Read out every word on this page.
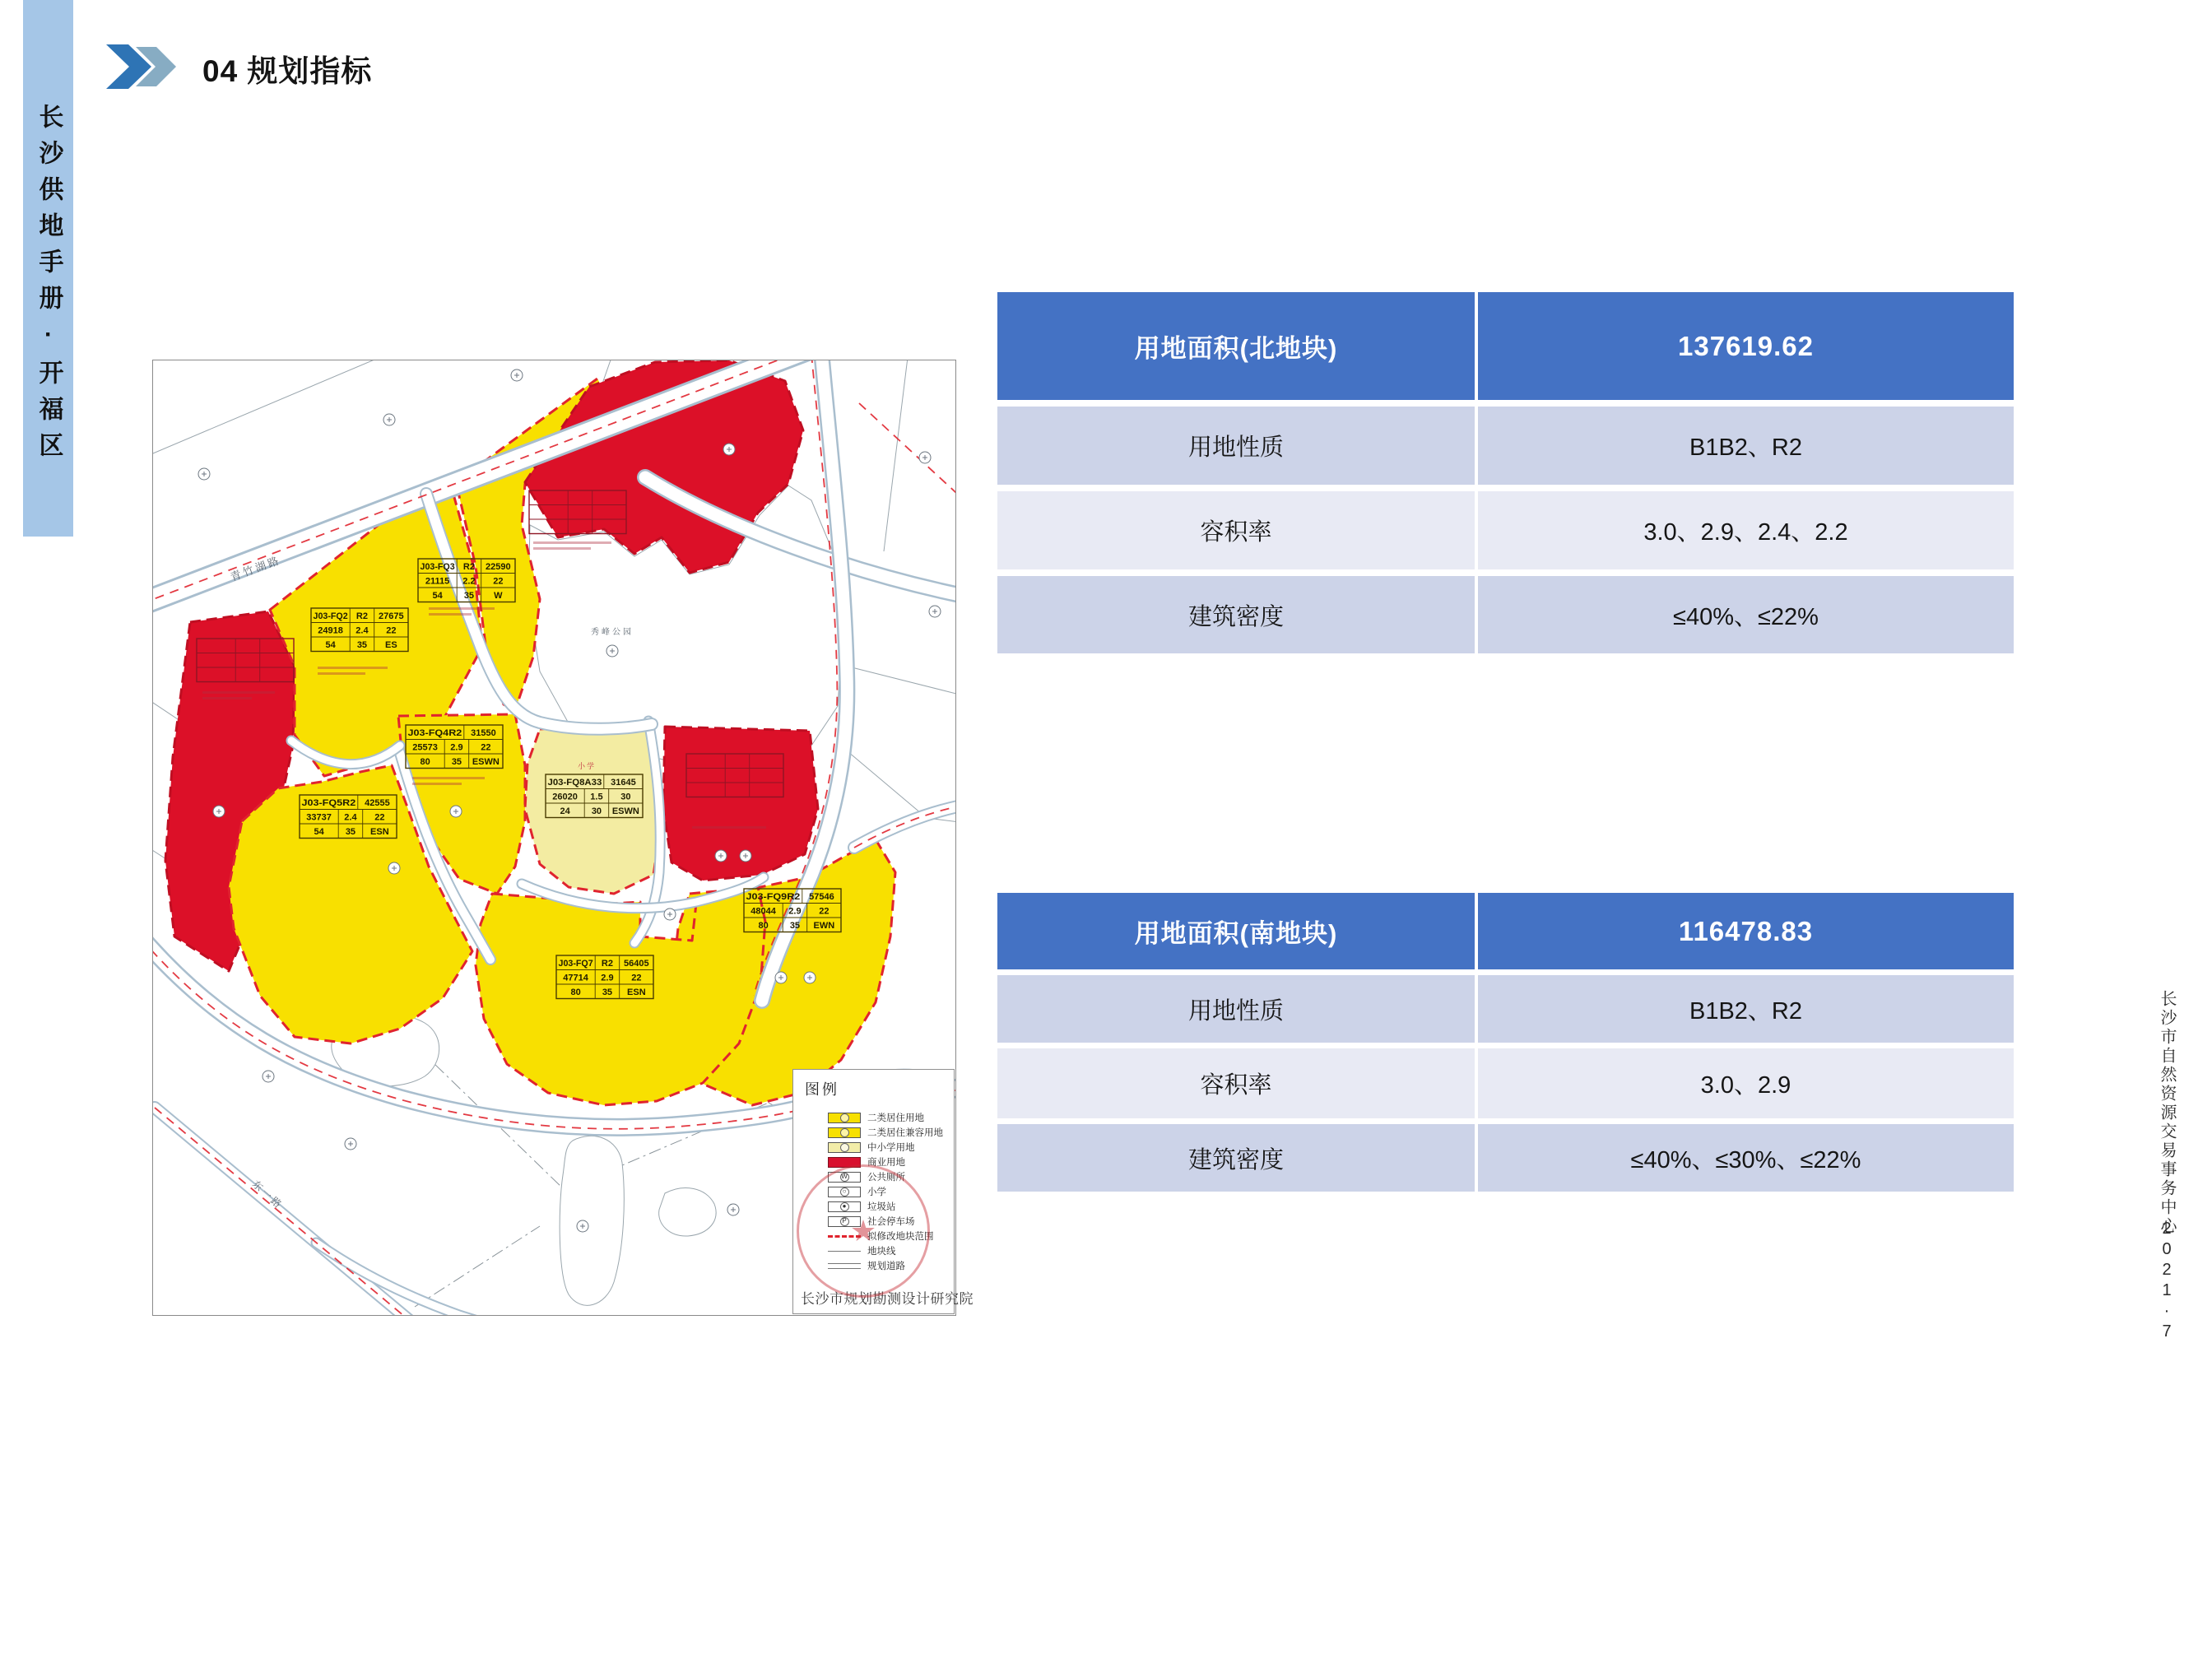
长沙供地手册·开福区
04 规划指标
长沙市自然资源交易事务中心
2021·7
青竹湖路
东一路
秀峰公园
小学
J03-FQ2 R2 27675
24918 2.4 22
54 35 ES
J03-FQ3 R2 22590
21115 2.2 22
54 35 W
J03-FQ4R2 31550
25573 2.9 22
80 35 ESWN
J03-FQ5R2 42555
33737 2.4 22
54 35 ESN
J03-FQ8A33 31645
26020 1.5 30
24 30 ESWN
J03-FQ9R2 57546
48044 2.9 22
80 35 EWN
J03-FQ7 R2 56405
47714 2.9 22
80 35 ESN
图例
二类居住用地
二类居住兼容用地
中小学用地
商业用地
W 公共厕所
○ 小学
● 垃圾站
P 社会停车场
拟修改地块范围
地块线
规划道路
长沙市规划勘测设计研究院
★
用地面积(北地块)	137619.62
用地性质	B1B2、R2
容积率	3.0、2.9、2.4、2.2
建筑密度	≤40%、≤22%
用地面积(南地块)	116478.83
用地性质	B1B2、R2
容积率	3.0、2.9
建筑密度	≤40%、≤30%、≤22%
